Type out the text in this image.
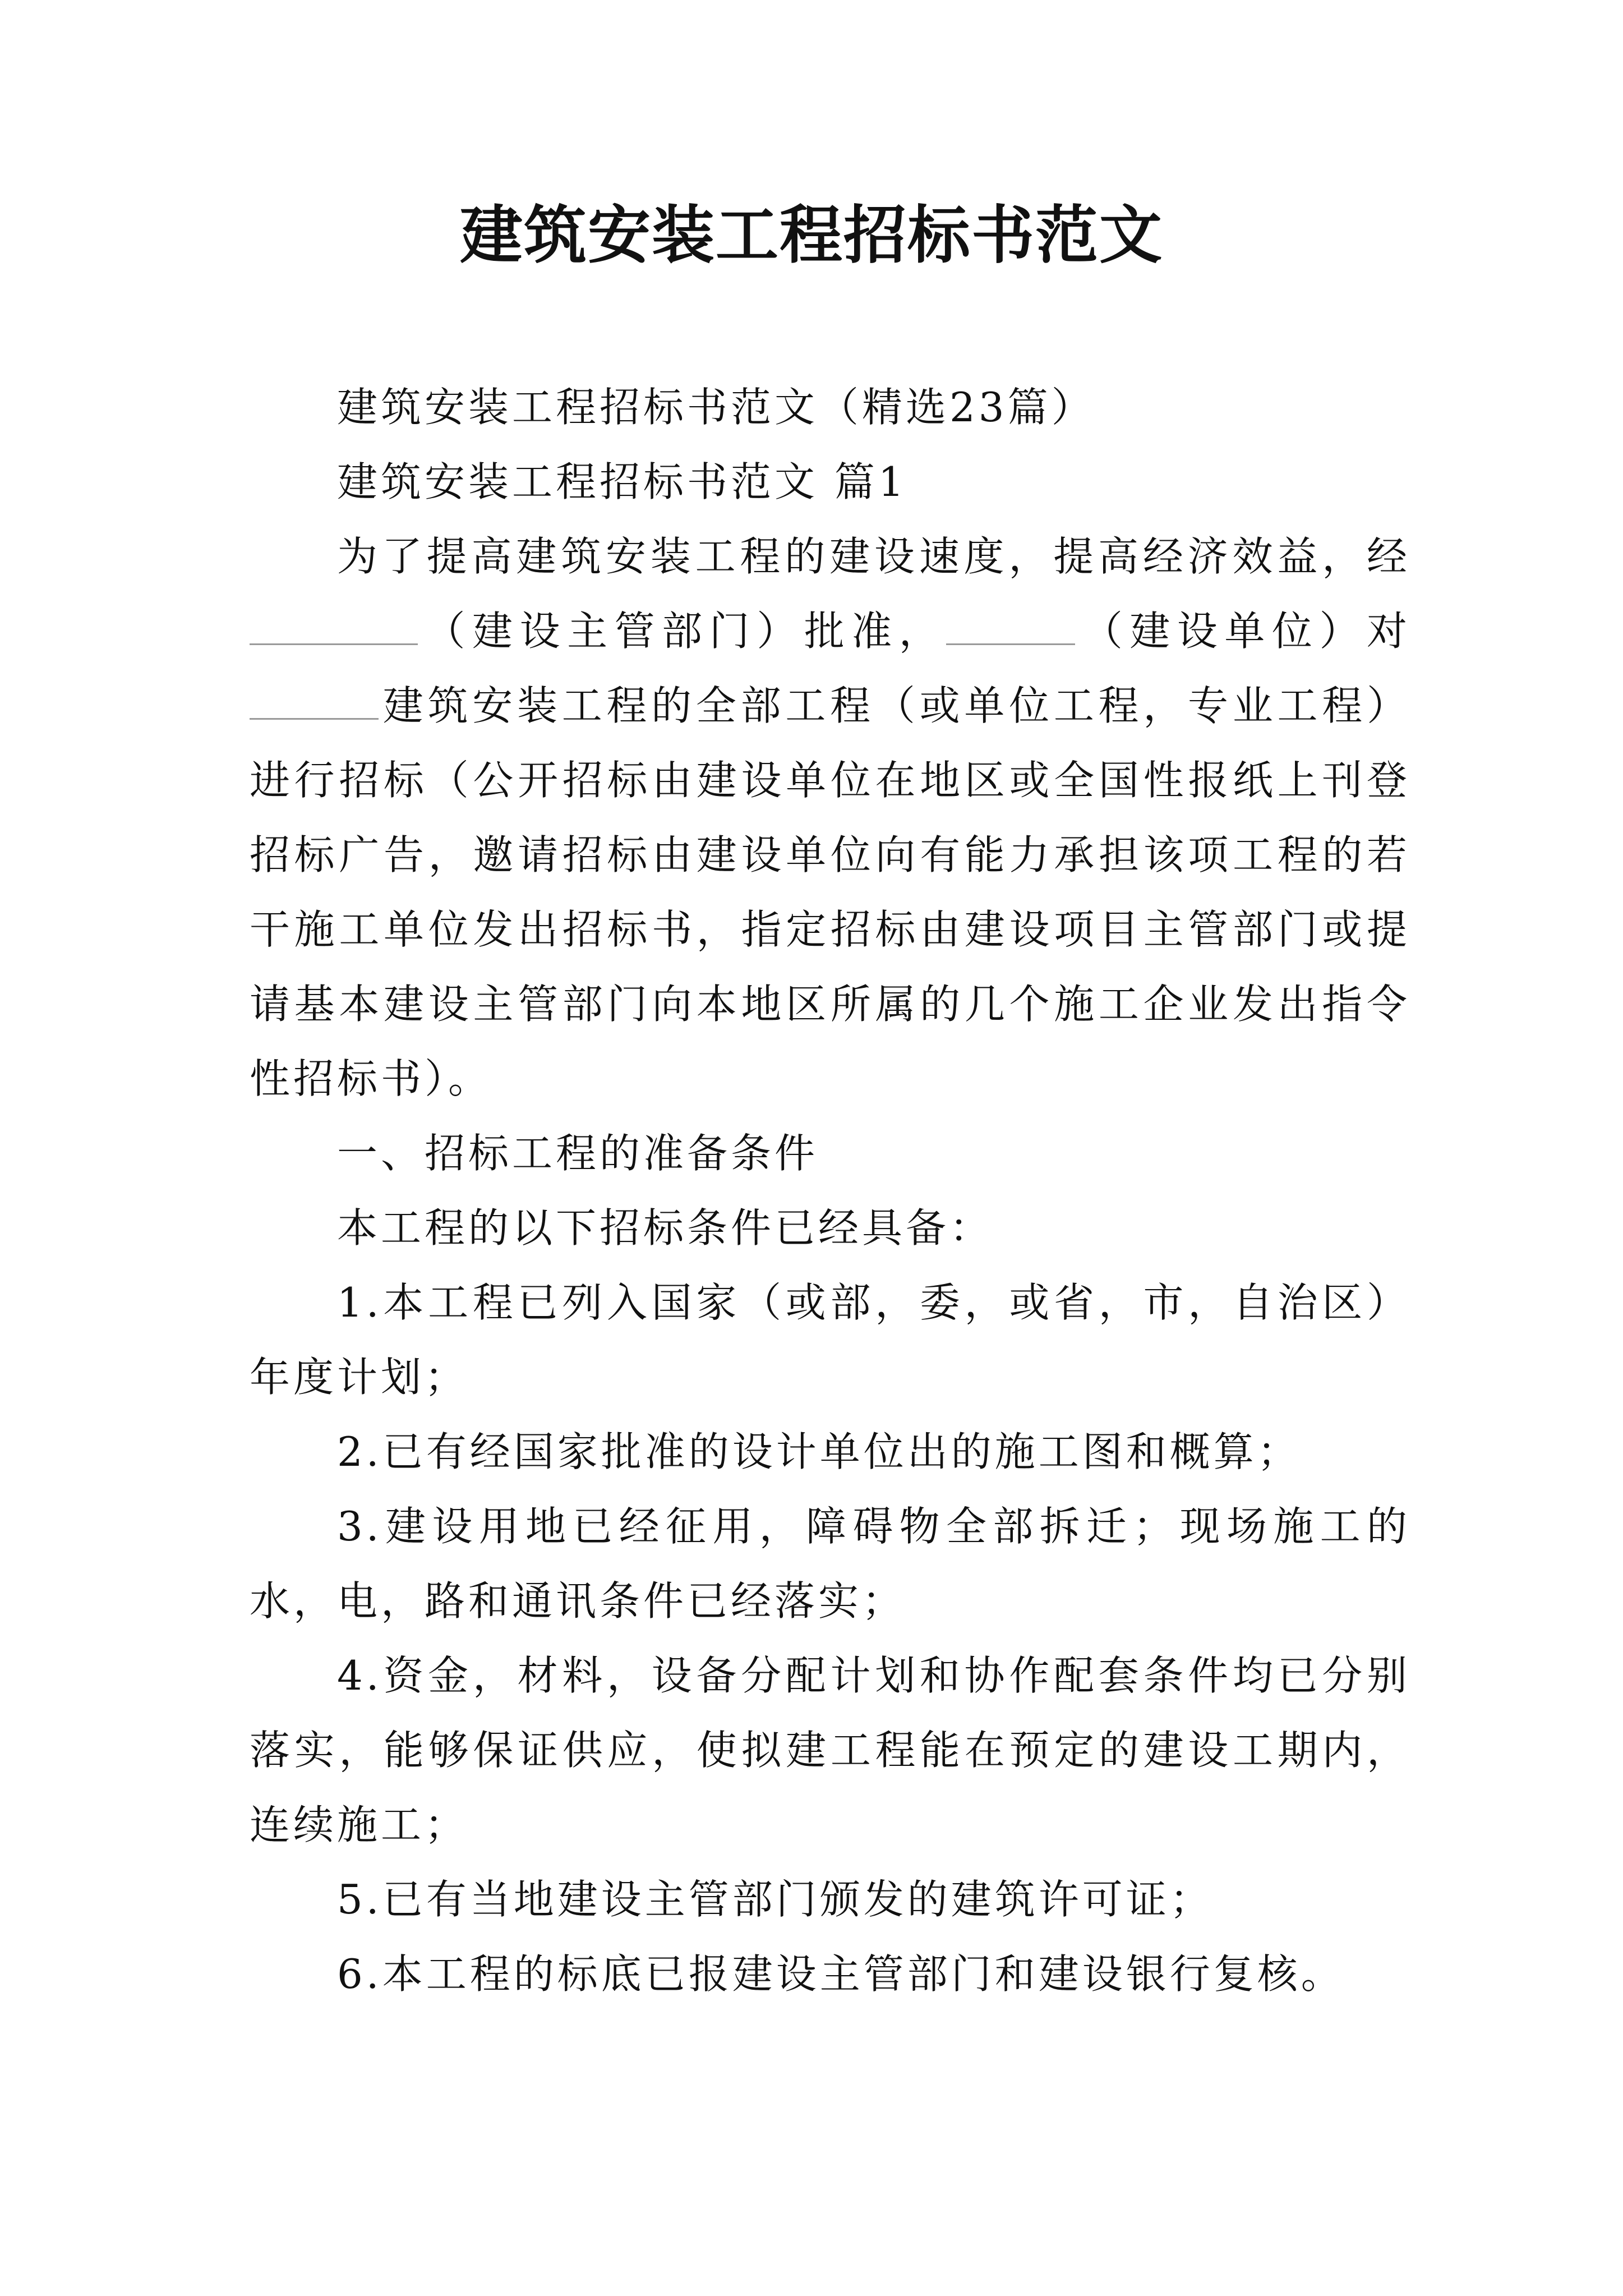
建筑安装工程招标书范文

建筑安装工程招标书范文（精选23篇）

建筑安装工程招标书范文 篇1

为了提高建筑安装工程的建设速度，提高经济效益，经（建设主管部门）批准，	（建设单位）对建筑安装工程的全部工程（或单位工程，专业工程）进行招标（公开招标由建设单位在地区或全国性报纸上刊登招标广告，邀请招标由建设单位向有能力承担该项工程的若干施工单位发出招标书，指定招标由建设项目主管部门或提请基本建设主管部门向本地区所属的几个施工企业发出指令性招标书）。

一、招标工程的准备条件

本工程的以下招标条件已经具备：

1.本工程已列入国家（或部，委，或省，市，自治区）年度计划；

2.已有经国家批准的设计单位出的施工图和概算；

3.建设用地已经征用，障碍物全部拆迁；现场施工的水，电，路和通讯条件已经落实；

4.资金，材料，设备分配计划和协作配套条件均已分别落实，能够保证供应，使拟建工程能在预定的建设工期内，连续施工；

5.已有当地建设主管部门颁发的建筑许可证；

6.本工程的标底已报建设主管部门和建设银行复核。
